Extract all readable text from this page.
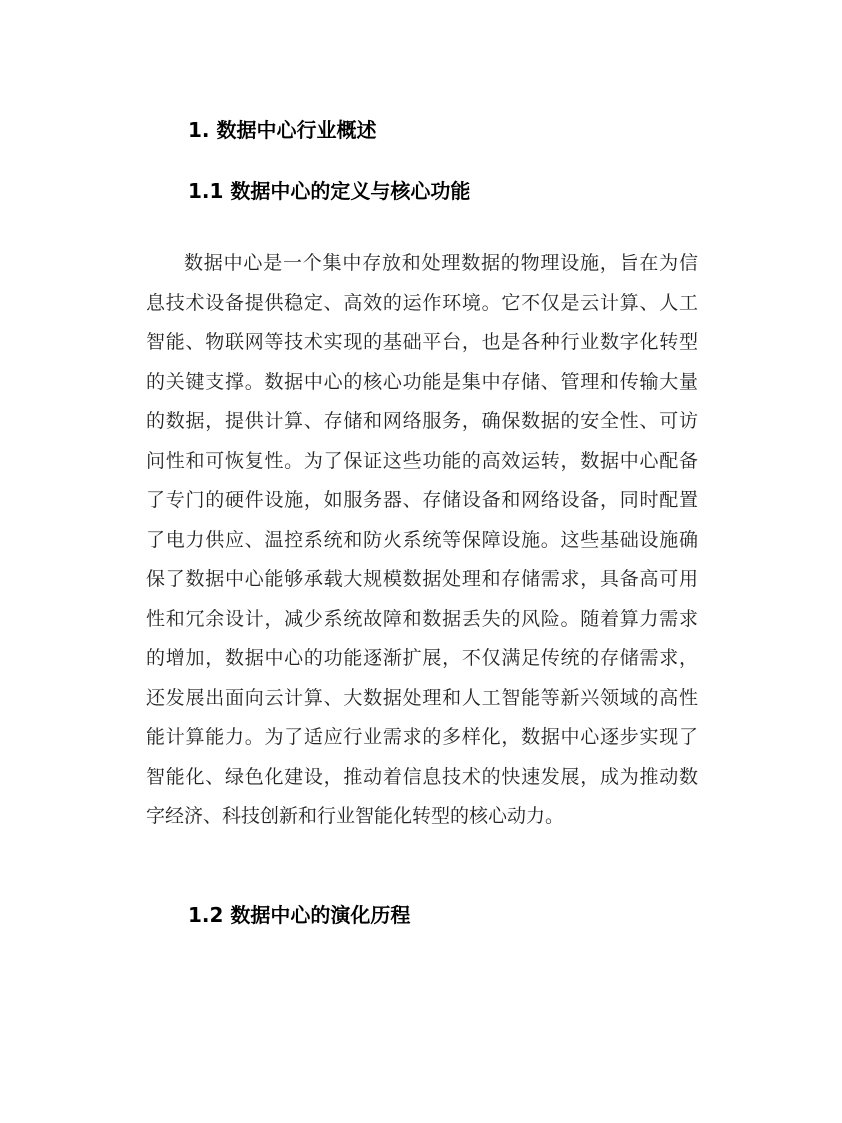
1. 数据中心行业概述
1.1 数据中心的定义与核心功能
数据中心是一个集中存放和处理数据的物理设施，旨在为信
息技术设备提供稳定、高效的运作环境。它不仅是云计算、人工
智能、物联网等技术实现的基础平台，也是各种行业数字化转型
的关键支撑。数据中心的核心功能是集中存储、管理和传输大量
的数据，提供计算、存储和网络服务，确保数据的安全性、可访
问性和可恢复性。为了保证这些功能的高效运转，数据中心配备
了专门的硬件设施，如服务器、存储设备和网络设备，同时配置
了电力供应、温控系统和防火系统等保障设施。这些基础设施确
保了数据中心能够承载大规模数据处理和存储需求，具备高可用
性和冗余设计，减少系统故障和数据丢失的风险。随着算力需求
的增加，数据中心的功能逐渐扩展，不仅满足传统的存储需求，
还发展出面向云计算、大数据处理和人工智能等新兴领域的高性
能计算能力。为了适应行业需求的多样化，数据中心逐步实现了
智能化、绿色化建设，推动着信息技术的快速发展，成为推动数
字经济、科技创新和行业智能化转型的核心动力。
1.2 数据中心的演化历程
